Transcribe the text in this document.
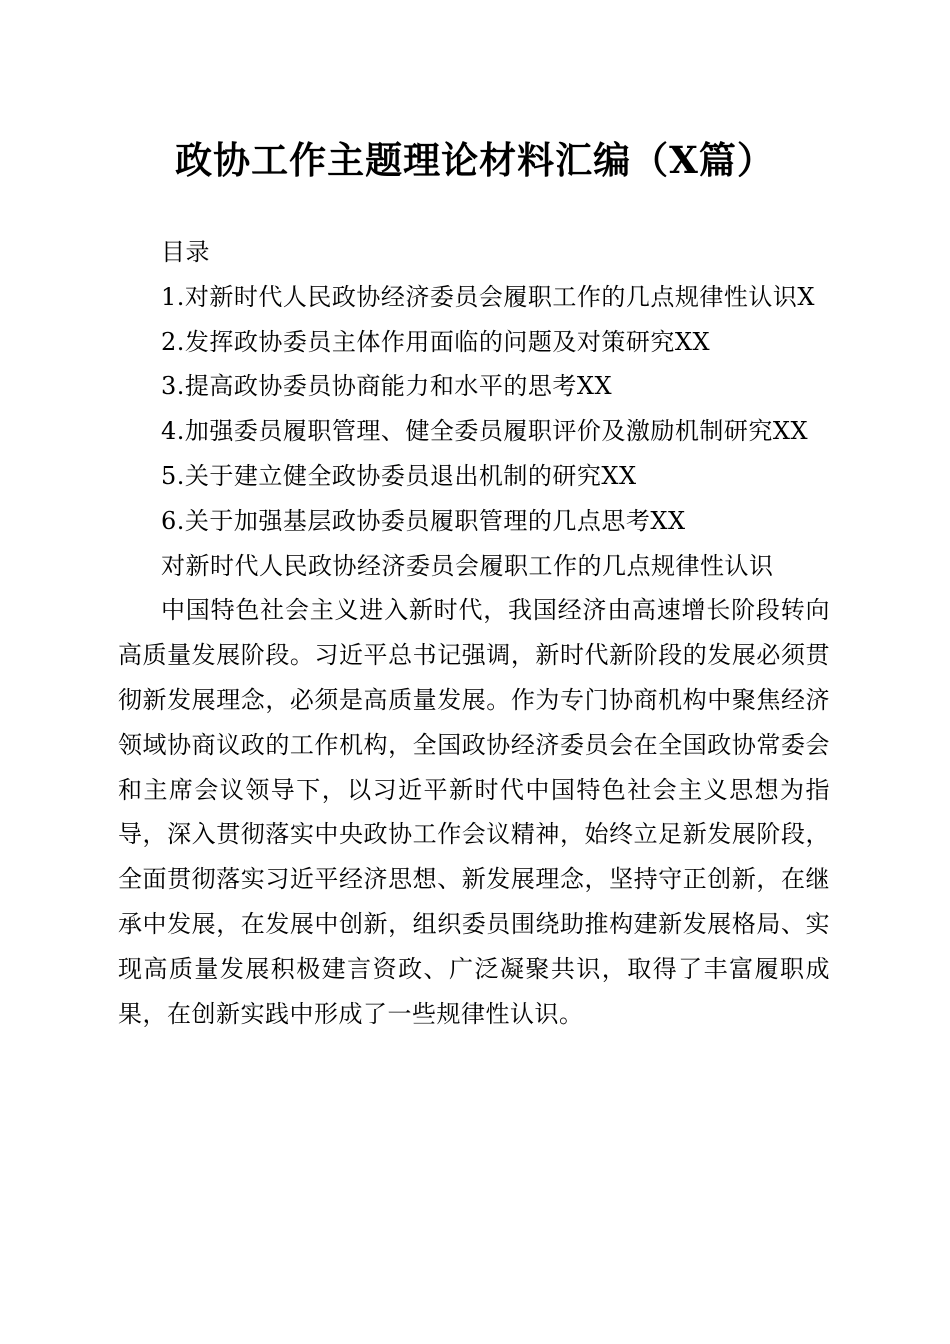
政协工作主题理论材料汇编（X篇）

目录

1.对新时代人民政协经济委员会履职工作的几点规律性认识X

2.发挥政协委员主体作用面临的问题及对策研究XX

3.提高政协委员协商能力和水平的思考XX

4.加强委员履职管理、健全委员履职评价及激励机制研究XX

5.关于建立健全政协委员退出机制的研究XX

6.关于加强基层政协委员履职管理的几点思考XX

对新时代人民政协经济委员会履职工作的几点规律性认识

中国特色社会主义进入新时代，我国经济由高速增长阶段转向高质量发展阶段。习近平总书记强调，新时代新阶段的发展必须贯彻新发展理念，必须是高质量发展。作为专门协商机构中聚焦经济领域协商议政的工作机构，全国政协经济委员会在全国政协常委会和主席会议领导下，以习近平新时代中国特色社会主义思想为指导，深入贯彻落实中央政协工作会议精神，始终立足新发展阶段，全面贯彻落实习近平经济思想、新发展理念，坚持守正创新，在继承中发展，在发展中创新，组织委员围绕助推构建新发展格局、实现高质量发展积极建言资政、广泛凝聚共识，取得了丰富履职成果，在创新实践中形成了一些规律性认识。
